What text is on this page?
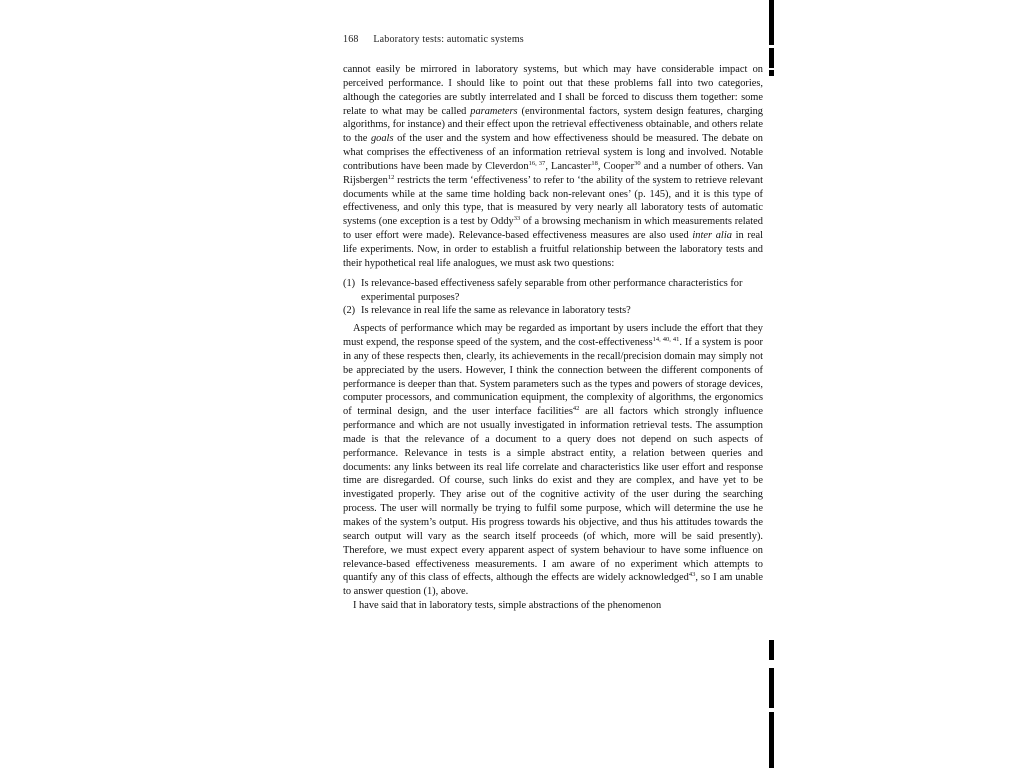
168 Laboratory tests: automatic systems

cannot easily be mirrored in laboratory systems, but which may have considerable impact on perceived performance. I should like to point out that these problems fall into two categories, although the categories are subtly interrelated and I shall be forced to discuss them together: some relate to what may be called parameters (environmental factors, system design features, charging algorithms, for instance) and their effect upon the retrieval effectiveness obtainable, and others relate to the goals of the user and the system and how effectiveness should be measured. The debate on what comprises the effectiveness of an information retrieval system is long and involved. Notable contributions have been made by Cleverdon$^{16, 37}$, Lancaster$^{18}$, Cooper$^{30}$ and a number of others. Van Rijsbergen$^{12}$ restricts the term ‘effectiveness’ to refer to ‘the ability of the system to retrieve relevant documents while at the same time holding back non-relevant ones’ (p. 145), and it is this type of effectiveness, and only this type, that is measured by very nearly all laboratory tests of automatic systems (one exception is a test by Oddy$^{33}$ of a browsing mechanism in which measurements related to user effort were made). Relevance-based effectiveness measures are also used inter alia in real life experiments. Now, in order to establish a fruitful relationship between the laboratory tests and their hypothetical real life analogues, we must ask two questions:

(1) Is relevance-based effectiveness safely separable from other performance characteristics for experimental purposes?
(2) Is relevance in real life the same as relevance in laboratory tests?

Aspects of performance which may be regarded as important by users include the effort that they must expend, the response speed of the system, and the cost-effectiveness$^{14, 40, 41}$. If a system is poor in any of these respects then, clearly, its achievements in the recall/precision domain may simply not be appreciated by the users. However, I think the connection between the different components of performance is deeper than that. System parameters such as the types and powers of storage devices, computer processors, and communication equipment, the complexity of algorithms, the ergonomics of terminal design, and the user interface facilities$^{42}$ are all factors which strongly influence performance and which are not usually investigated in information retrieval tests. The assumption made is that the relevance of a document to a query does not depend on such aspects of performance. Relevance in tests is a simple abstract entity, a relation between queries and documents: any links between its real life correlate and characteristics like user effort and response time are disregarded. Of course, such links do exist and they are complex, and have yet to be investigated properly. They arise out of the cognitive activity of the user during the searching process. The user will normally be trying to fulfil some purpose, which will determine the use he makes of the system’s output. His progress towards his objective, and thus his attitudes towards the search output will vary as the search itself proceeds (of which, more will be said presently). Therefore, we must expect every apparent aspect of system behaviour to have some influence on relevance-based effectiveness measurements. I am aware of no experiment which attempts to quantify any of this class of effects, although the effects are widely acknowledged$^{43}$, so I am unable to answer question (1), above.

I have said that in laboratory tests, simple abstractions of the phenomenon
